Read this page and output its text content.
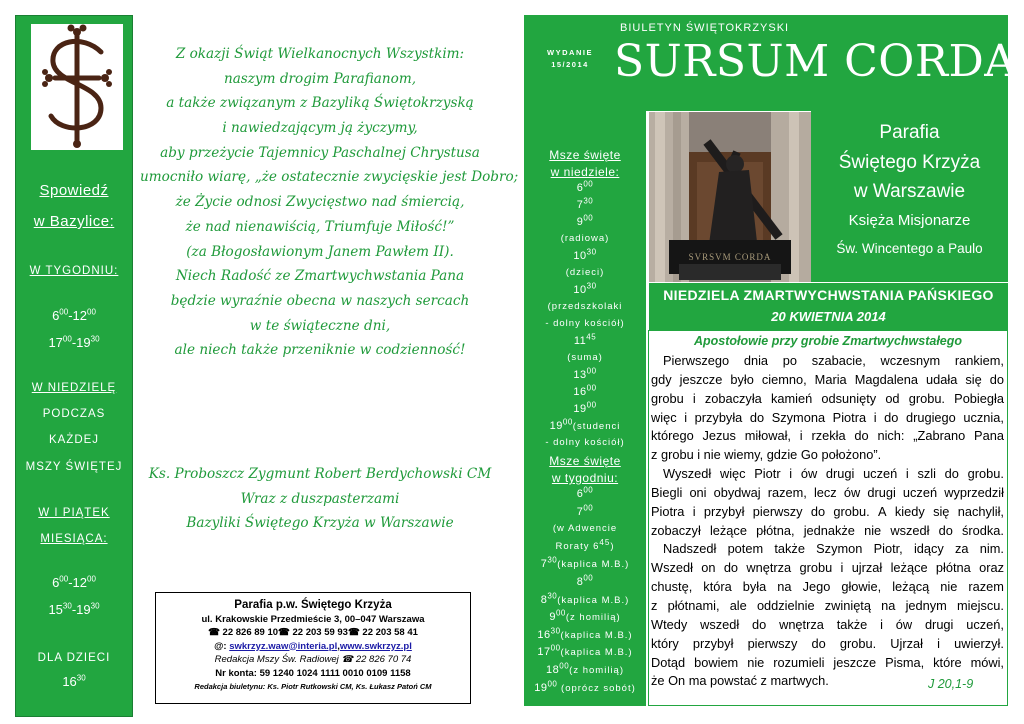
Spowiedź
w Bazylice:
W TYGODNIU:
$6^{00}-12^{00}$
$17^{00}-19^{30}$
W NIEDZIELĘ
PODCZAS
KAŻDEJ
MSZY ŚWIĘTEJ
W I PIĄTEK
MIESIĄCA:
$6^{00}-12^{00}$
$15^{30}-19^{30}$
DLA DZIECI
$16^{30}$

Z okazji Świąt Wielkanocnych Wszystkim:

naszym drogim Parafianom,

a także związanym z Bazyliką Świętokrzyską

i nawiedzającym ją życzymy,

aby przeżycie Tajemnicy Paschalnej Chrystusa

umocniło wiarę, „że ostatecznie zwycięskie jest Dobro;

że Życie odnosi Zwycięstwo nad śmiercią,

że nad nienawiścią, Triumfuje Miłość!”

(za Błogosławionym Janem Pawłem II).

Niech Radość ze Zmartwychwstania Pana

będzie wyraźnie obecna w naszych sercach

w te świąteczne dni,

ale niech także przeniknie w codzienność!

Ks. Proboszcz Zygmunt Robert Berdychowski CM

Wraz z duszpasterzami

Bazyliki Świętego Krzyża w Warszawie

Parafia p.w. Świętego Krzyża
ul. Krakowskie Przedmieście 3, 00–047 Warszawa
☎ 22 826 89 10☎ 22 203 59 93☎ 22 203 58 41
@: swkrzyz.waw@interia.pl,www.swkrzyz.pl
Redakcja Mszy Św. Radiowej ☎ 22 826 70 74
Nr konta: 59 1240 1024 1111 0010 0109 1158
Redakcja biuletynu: Ks. Piotr Rutkowski CM, Ks. Łukasz Patoń CM
BIULETYN ŚWIĘTOKRZYSKI
WYDANIE
15/2014 SURSUM CORDA
Msze święte
w niedziele:
$6^{00}$
$7^{30}$
$9^{00}$
(radiowa)
$10^{30}$
(dzieci)
$10^{30}$
(przedszkolaki
- dolny kościół)
$11^{45}$
(suma)
$13^{00}$
$16^{00}$
$19^{00}$
$19^{00}(studenci$
- dolny kościół)
Msze święte
w tygodniu:
$6^{00}$
$7^{00}$
(w Adwencie
Roraty $6^{45}$)
$7^{30}(kaplica$ M.B.)
$8^{00}$
$8^{30}(kaplica$ M.B.)
$9^{00}(z$ homilią)
$16^{30}(kaplica$ M.B.)
$17^{00}(kaplica$ M.B.)
$18^{00}(z$ homilią)
$19^{00}$ (oprócz sobót)
SVRSVM CORDA
Parafia
Świętego Krzyża
w Warszawie
Księża Misjonarze
Św. Wincentego a Paulo
NIEDZIELA ZMARTWYCHWSTANIA PAŃSKIEGO
20 KWIETNIA 2014
Apostołowie przy grobie Zmartwychwstałego
Pierwszego dnia po szabacie, wczesnym rankiem,
gdy jeszcze było ciemno, Maria Magdalena udała się do
grobu i zobaczyła kamień odsunięty od grobu. Pobiegła
więc i przybyła do Szymona Piotra i do drugiego ucznia,
którego Jezus miłował, i rzekła do nich: „Zabrano Pana
z grobu i nie wiemy, gdzie Go położono”.
Wyszedł więc Piotr i ów drugi uczeń i szli do grobu.
Biegli oni obydwaj razem, lecz ów drugi uczeń wyprzedził
Piotra i przybył pierwszy do grobu. A kiedy się nachylił,
zobaczył leżące płótna, jednakże nie wszedł do środka.
Nadszedł potem także Szymon Piotr, idący za nim.
Wszedł on do wnętrza grobu i ujrzał leżące płótna oraz
chustę, która była na Jego głowie, leżącą nie razem
z płótnami, ale oddzielnie zwiniętą na jednym miejscu.
Wtedy wszedł do wnętrza także i ów drugi uczeń,
który przybył pierwszy do grobu. Ujrzał i uwierzył.
Dotąd bowiem nie rozumieli jeszcze Pisma, które mówi,
że On ma powstać z martwych.	J 20,1-9
